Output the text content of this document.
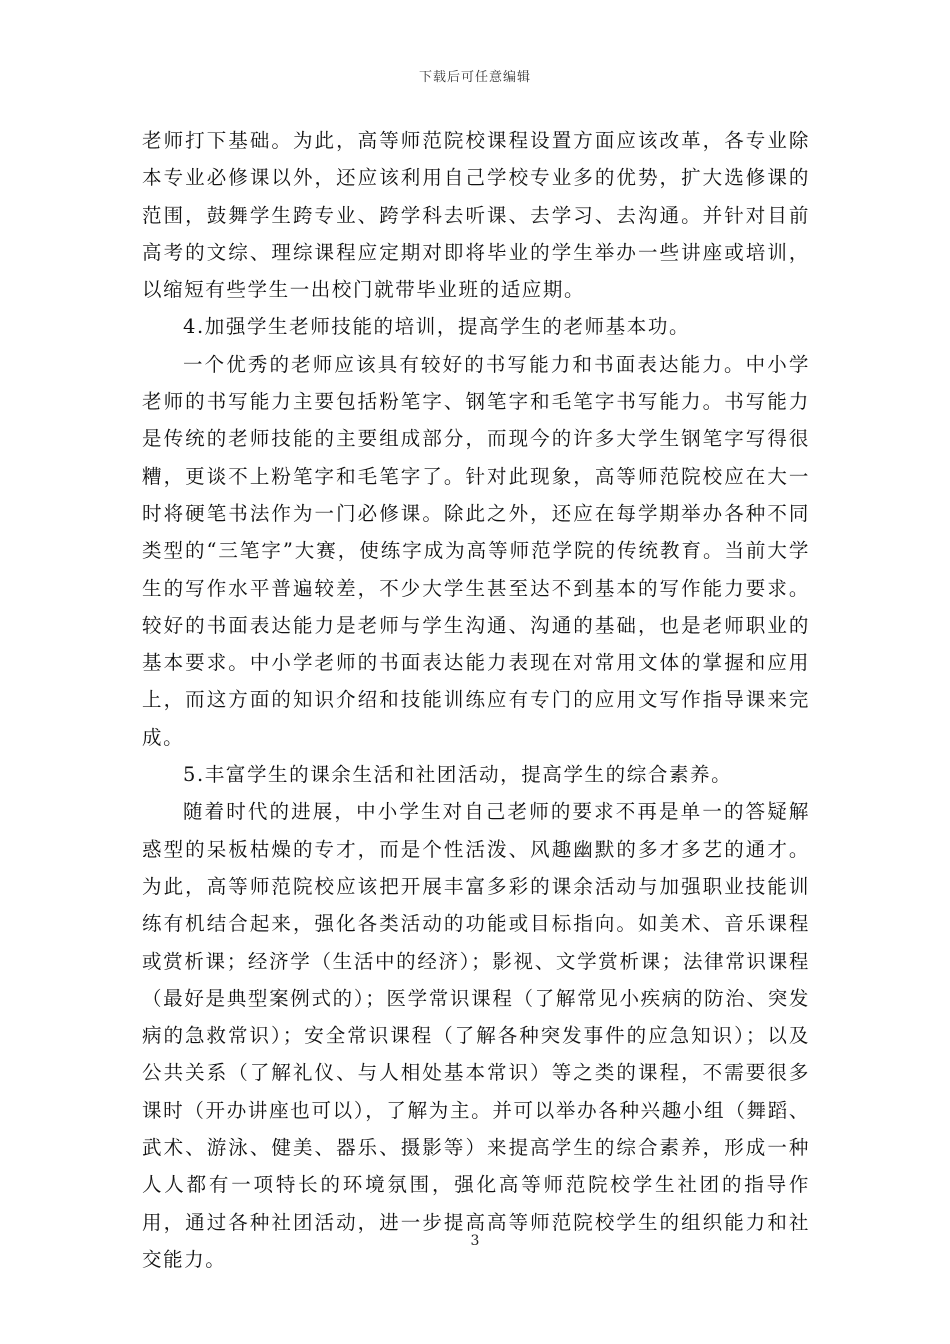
下载后可任意编辑

老师打下基础。为此，高等师范院校课程设置方面应该改革，各专业除本专业必修课以外，还应该利用自己学校专业多的优势，扩大选修课的范围，鼓舞学生跨专业、跨学科去听课、去学习、去沟通。并针对目前高考的文综、理综课程应定期对即将毕业的学生举办一些讲座或培训，以缩短有些学生一出校门就带毕业班的适应期。

4.加强学生老师技能的培训，提高学生的老师基本功。

一个优秀的老师应该具有较好的书写能力和书面表达能力。中小学老师的书写能力主要包括粉笔字、钢笔字和毛笔字书写能力。书写能力是传统的老师技能的主要组成部分，而现今的许多大学生钢笔字写得很糟，更谈不上粉笔字和毛笔字了。针对此现象，高等师范院校应在大一时将硬笔书法作为一门必修课。除此之外，还应在每学期举办各种不同类型的“三笔字”大赛，使练字成为高等师范学院的传统教育。当前大学生的写作水平普遍较差，不少大学生甚至达不到基本的写作能力要求。较好的书面表达能力是老师与学生沟通、沟通的基础，也是老师职业的基本要求。中小学老师的书面表达能力表现在对常用文体的掌握和应用上，而这方面的知识介绍和技能训练应有专门的应用文写作指导课来完成。

5.丰富学生的课余生活和社团活动，提高学生的综合素养。

随着时代的进展，中小学生对自己老师的要求不再是单一的答疑解惑型的呆板枯燥的专才，而是个性活泼、风趣幽默的多才多艺的通才。为此，高等师范院校应该把开展丰富多彩的课余活动与加强职业技能训练有机结合起来，强化各类活动的功能或目标指向。如美术、音乐课程或赏析课；经济学（生活中的经济）；影视、文学赏析课；法律常识课程（最好是典型案例式的）；医学常识课程（了解常见小疾病的防治、突发病的急救常识）；安全常识课程（了解各种突发事件的应急知识）；以及公共关系（了解礼仪、与人相处基本常识）等之类的课程，不需要很多课时（开办讲座也可以），了解为主。并可以举办各种兴趣小组（舞蹈、武术、游泳、健美、器乐、摄影等）来提高学生的综合素养，形成一种人人都有一项特长的环境氛围，强化高等师范院校学生社团的指导作用，通过各种社团活动，进一步提高高等师范院校学生的组织能力和社交能力。

3
